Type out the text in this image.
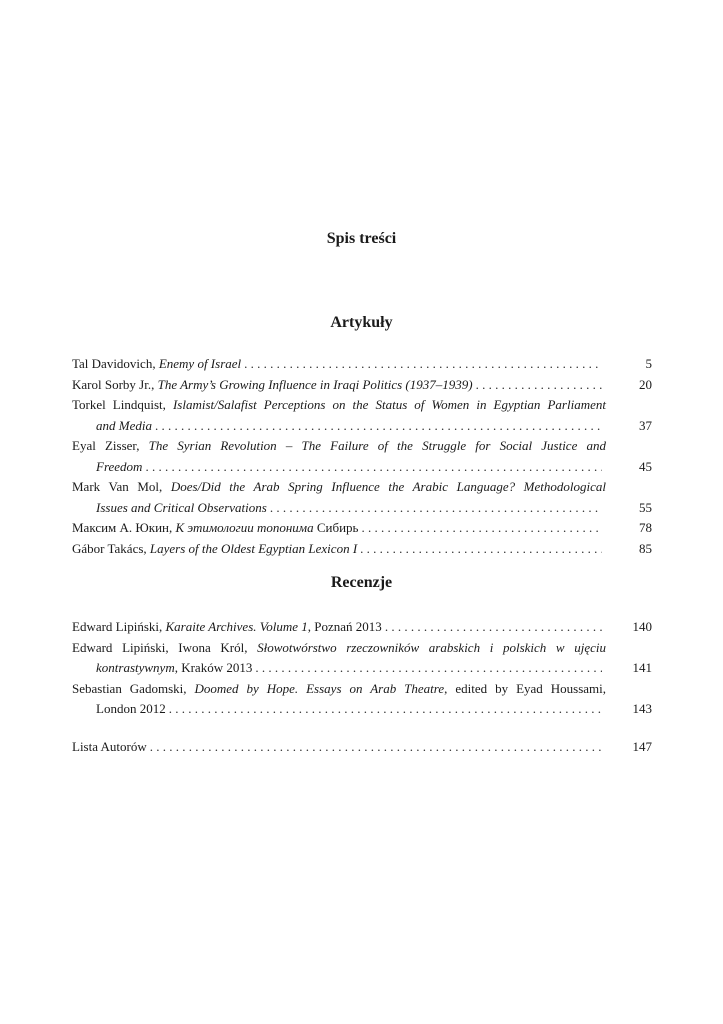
Spis treści
Artykuły
Tal Davidovich, Enemy of Israel . . .	5
Karol Sorby Jr., The Army’s Growing Influence in Iraqi Politics (1937–1939) . . .	20
Torkel Lindquist, Islamist/Salafist Perceptions on the Status of Women in Egyptian Parliament
and Media . . .	37
Eyal Zisser, The Syrian Revolution – The Failure of the Struggle for Social Justice and
Freedom . . .	45
Mark Van Mol, Does/Did the Arab Spring Influence the Arabic Language? Methodological
Issues and Critical Observations . . .	55
Максим А. Юкин, К этимологии топонима Сибирь . . .	78
Gábor Takács, Layers of the Oldest Egyptian Lexicon I . . .	85
Recenzje
Edward Lipiński, Karaite Archives. Volume 1, Poznań 2013 . . .	140
Edward Lipiński, Iwona Król, Słowotwórstwo rzeczowników arabskich i polskich w ujęciu
kontrastywnym, Kraków 2013 . . .	141
Sebastian Gadomski, Doomed by Hope. Essays on Arab Theatre, edited by Eyad Houssami,
London 2012 . . .	143
Lista Autorów . . .	147
